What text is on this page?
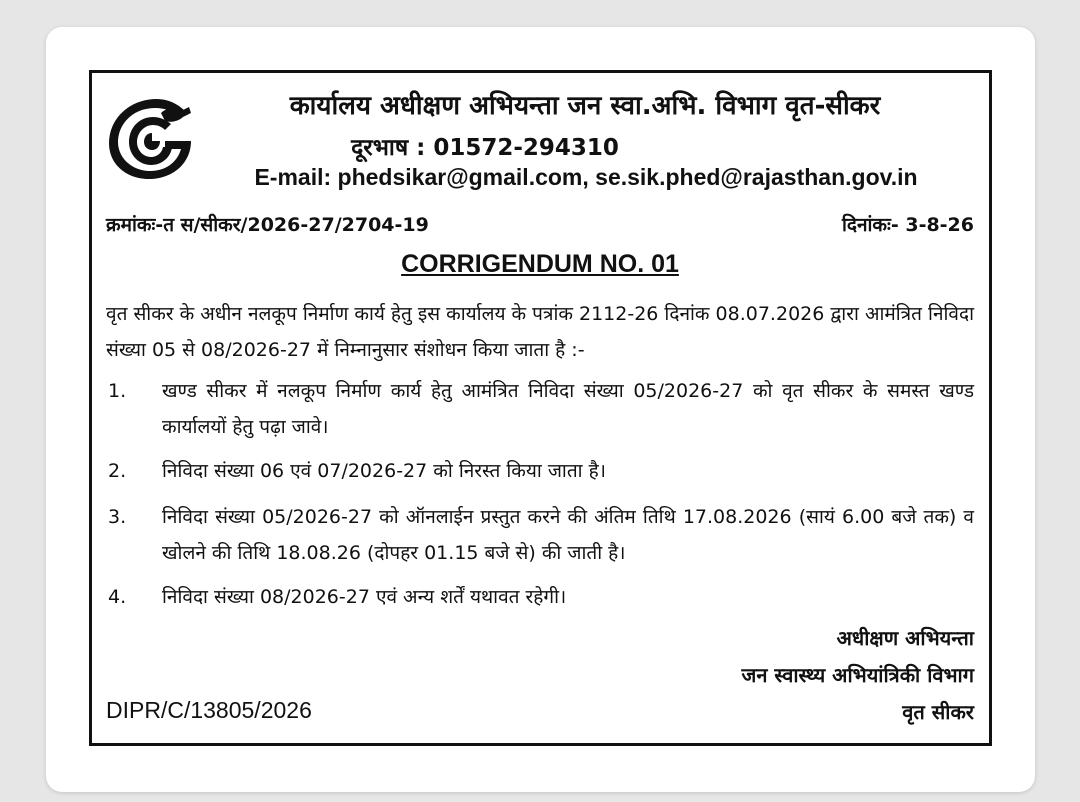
कार्यालय अधीक्षण अभियन्ता जन स्वा.अभि. विभाग वृत-सीकर
दूरभाष : 01572-294310
E-mail: phedsikar@gmail.com, se.sik.phed@rajasthan.gov.in
क्रमांकः-त स/सीकर/2026-27/2704-19	दिनांकः- 3-8-26
CORRIGENDUM NO. 01
वृत सीकर के अधीन नलकूप निर्माण कार्य हेतु इस कार्यालय के पत्रांक 2112-26 दिनांक 08.07.2026 द्वारा आमंत्रित निविदा संख्या 05 से 08/2026-27 में निम्नानुसार संशोधन किया जाता है :-
1. खण्ड सीकर में नलकूप निर्माण कार्य हेतु आमंत्रित निविदा संख्या 05/2026-27 को वृत सीकर के समस्त खण्ड कार्यालयों हेतु पढ़ा जावे।
2. निविदा संख्या 06 एवं 07/2026-27 को निरस्त किया जाता है।
3. निविदा संख्या 05/2026-27 को ऑनलाईन प्रस्तुत करने की अंतिम तिथि 17.08.2026 (सायं 6.00 बजे तक) व खोलने की तिथि 18.08.26 (दोपहर 01.15 बजे से) की जाती है।
4. निविदा संख्या 08/2026-27 एवं अन्य शर्तें यथावत रहेगी।
अधीक्षण अभियन्ता
जन स्वास्थ्य अभियांत्रिकी विभाग
वृत सीकर
DIPR/C/13805/2026
